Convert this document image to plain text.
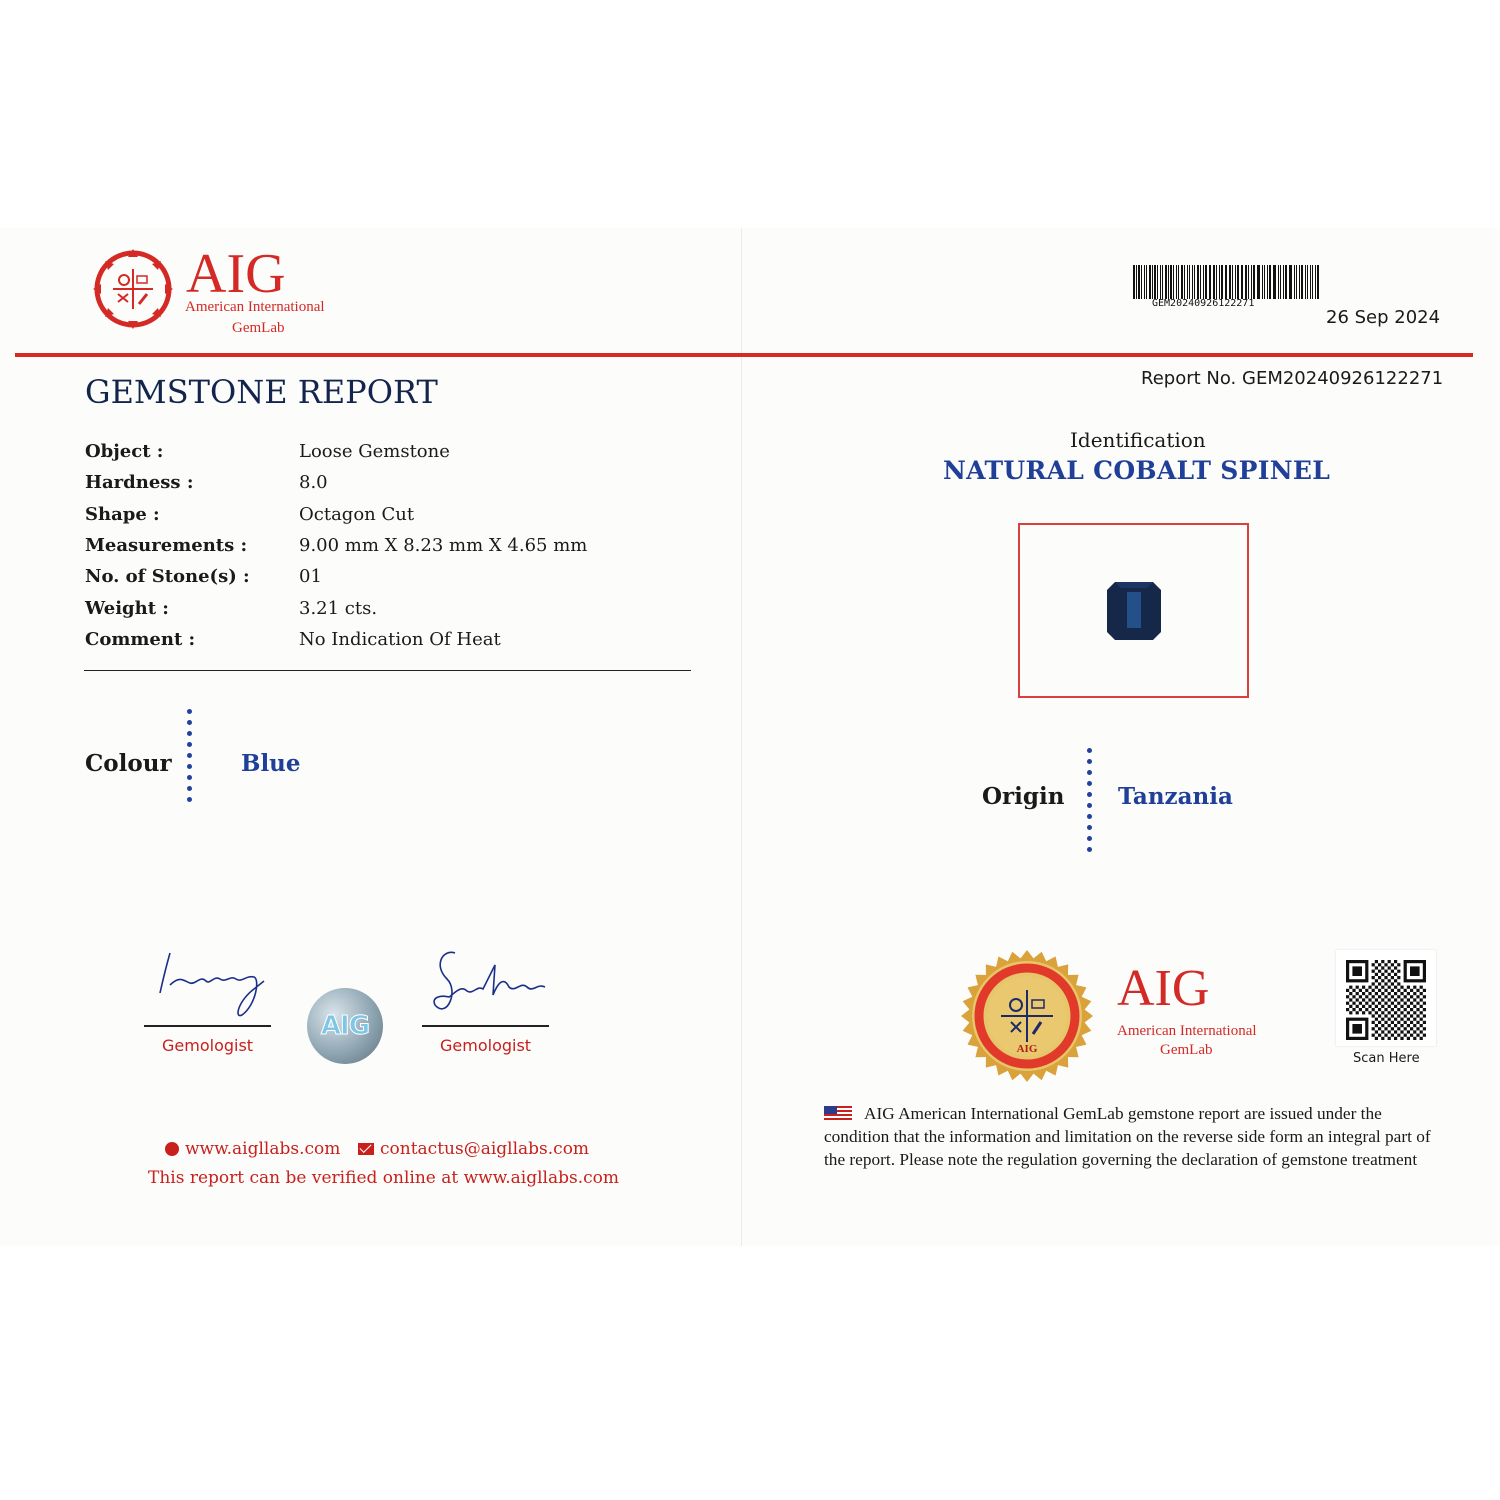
AIG
American International
GemLab
GEM20240926122271
26 Sep 2024
Report No. GEM20240926122271
GEMSTONE REPORT
Object :	Loose Gemstone
Hardness :	8.0
Shape :	Octagon Cut
Measurements :	9.00 mm X 8.23 mm X 4.65 mm
No. of Stone(s) :	01
Weight :	3.21 cts.
Comment :	No Indication Of Heat
Colour	Blue
Gemologist	Gemologist
AIG
www.aigllabs.com contactus@aigllabs.com
This report can be verified online at www.aigllabs.com
Identification
NATURAL COBALT SPINEL
Origin Tanzania
AIG
AIG
American International
GemLab
Scan Here
AIG American International GemLab gemstone report are issued under the condition that the information and limitation on the reverse side form an integral part of the report. Please note the regulation governing the declaration of gemstone treatment
